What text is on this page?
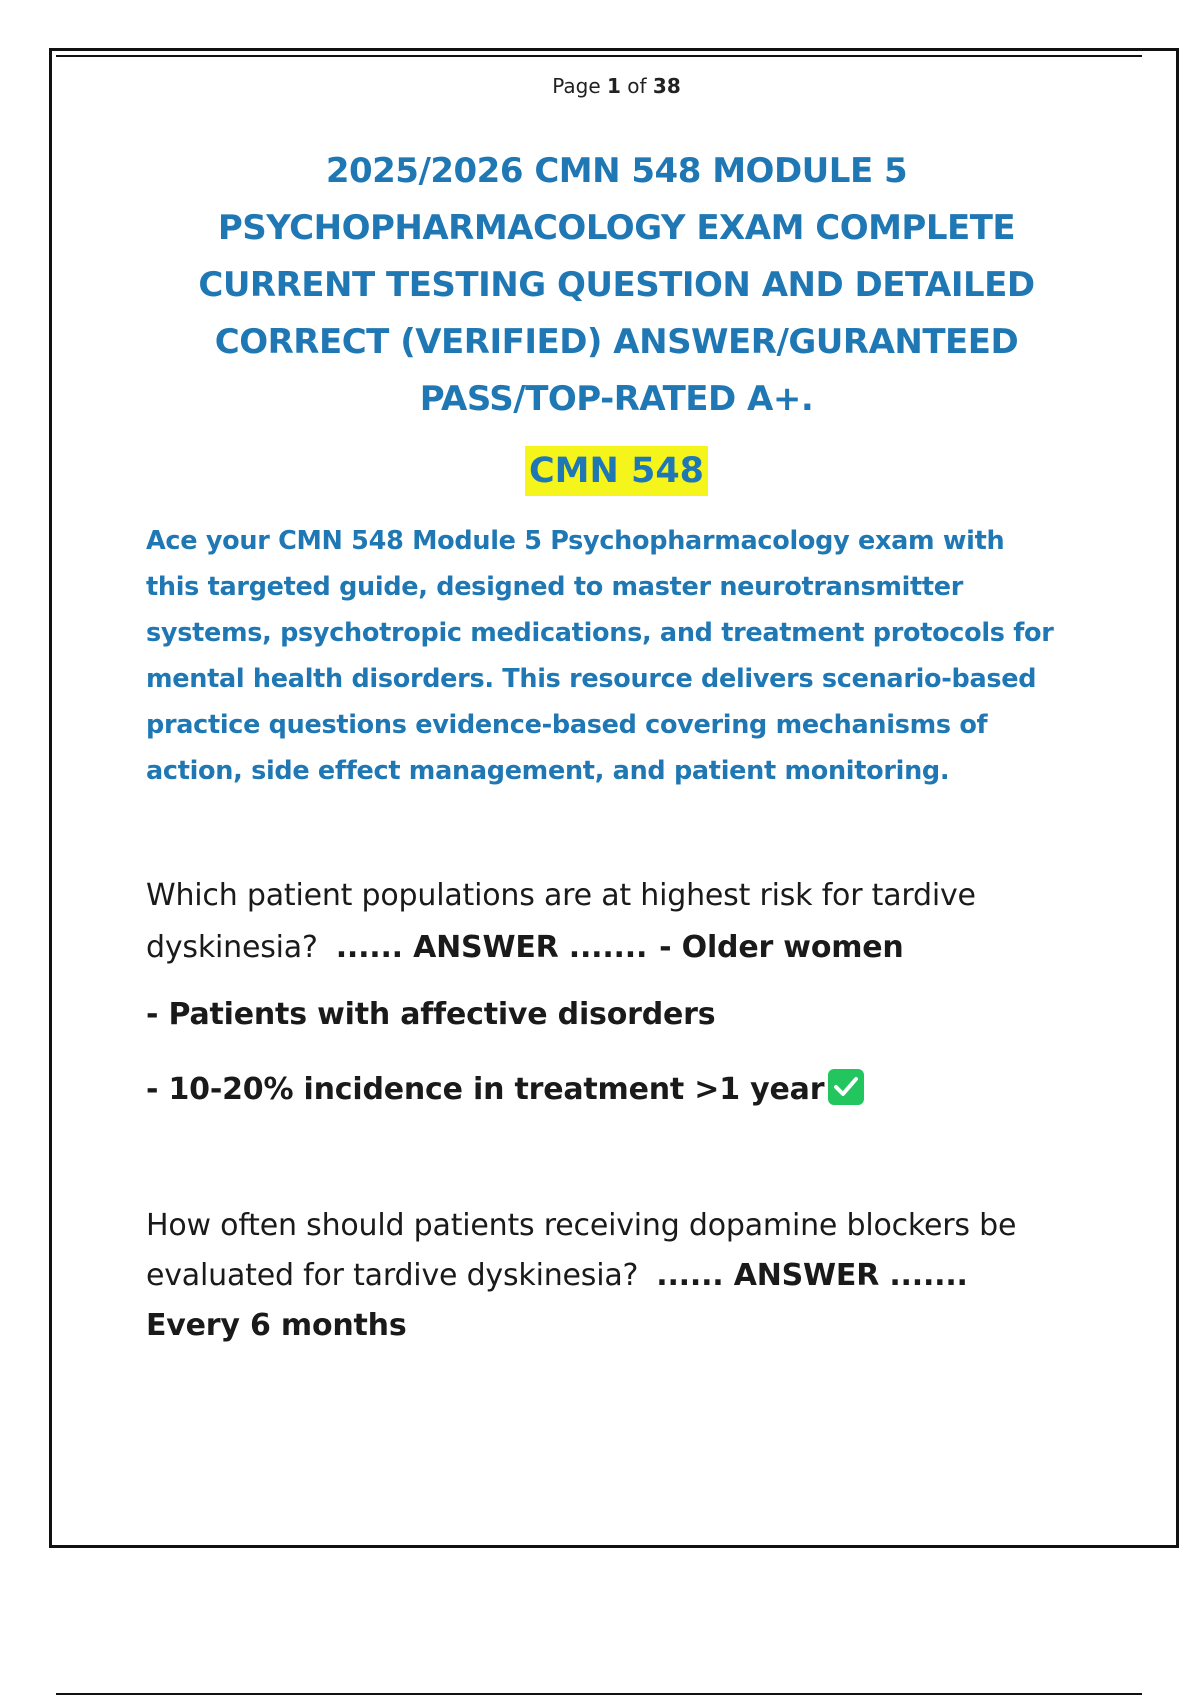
Page 1 of 38
2025/2026 CMN 548 MODULE 5
PSYCHOPHARMACOLOGY EXAM COMPLETE
CURRENT TESTING QUESTION AND DETAILED
CORRECT (VERIFIED) ANSWER/GURANTEED
PASS/TOP-RATED A+.
CMN 548

Ace your CMN 548 Module 5 Psychopharmacology exam with
this targeted guide, designed to master neurotransmitter
systems, psychotropic medications, and treatment protocols for
mental health disorders. This resource delivers scenario-based
practice questions evidence-based covering mechanisms of
action, side effect management, and patient monitoring.

Which patient populations are at highest risk for tardive
dyskinesia? ...... ANSWER ....... - Older women
- Patients with affective disorders
- 10-20% incidence in treatment >1 year
How often should patients receiving dopamine blockers be
evaluated for tardive dyskinesia? ...... ANSWER .......
Every 6 months
